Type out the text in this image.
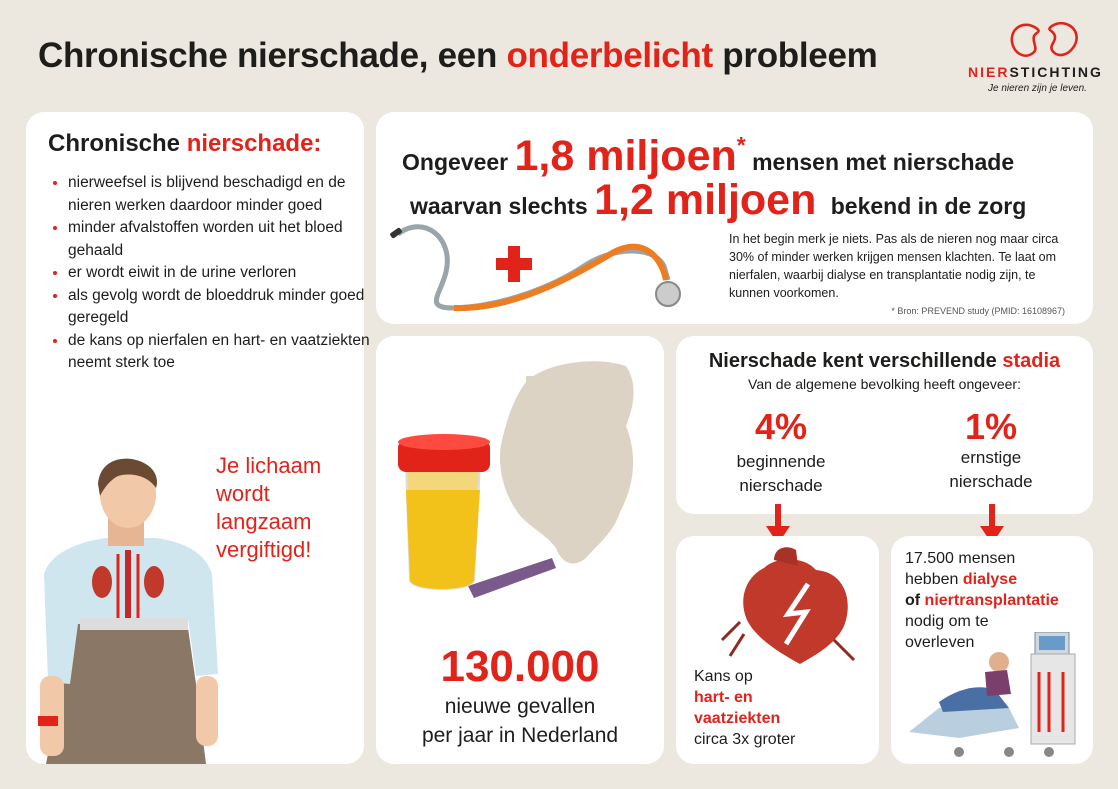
Chronische nierschade, een onderbelicht probleem	NIERSTICHTING
Je nieren zijn je leven.
Chronische nierschade:
• nierweefsel is blijvend beschadigd en de nieren werken daardoor minder goed
• minder afvalstoffen worden uit het bloed gehaald
• er wordt eiwit in de urine verloren
• als gevolg wordt de bloeddruk minder goed geregeld
• de kans op nierfalen en hart- en vaatziekten neemt sterk toe
Je lichaam
wordt
langzaam
vergiftigd!
Ongeveer 1,8 miljoen* mensen met nierschade
waarvan slechts 1,2 miljoen bekend in de zorg
In het begin merk je niets. Pas als de nieren nog maar circa 30% of minder werken krijgen mensen klachten. Te laat om nierfalen, waarbij dialyse en transplantatie nodig zijn, te kunnen voorkomen.
* Bron: PREVEND study (PMID: 16108967)
130.000
nieuwe gevallen
per jaar in Nederland
Nierschade kent verschillende stadia
Van de algemene bevolking heeft ongeveer:
4%
beginnende
nierschade
1%
ernstige
nierschade
Kans op
hart- en
vaatziekten
circa 3x groter
17.500 mensen
hebben dialyse
of niertransplantatie
nodig om te
overleven
